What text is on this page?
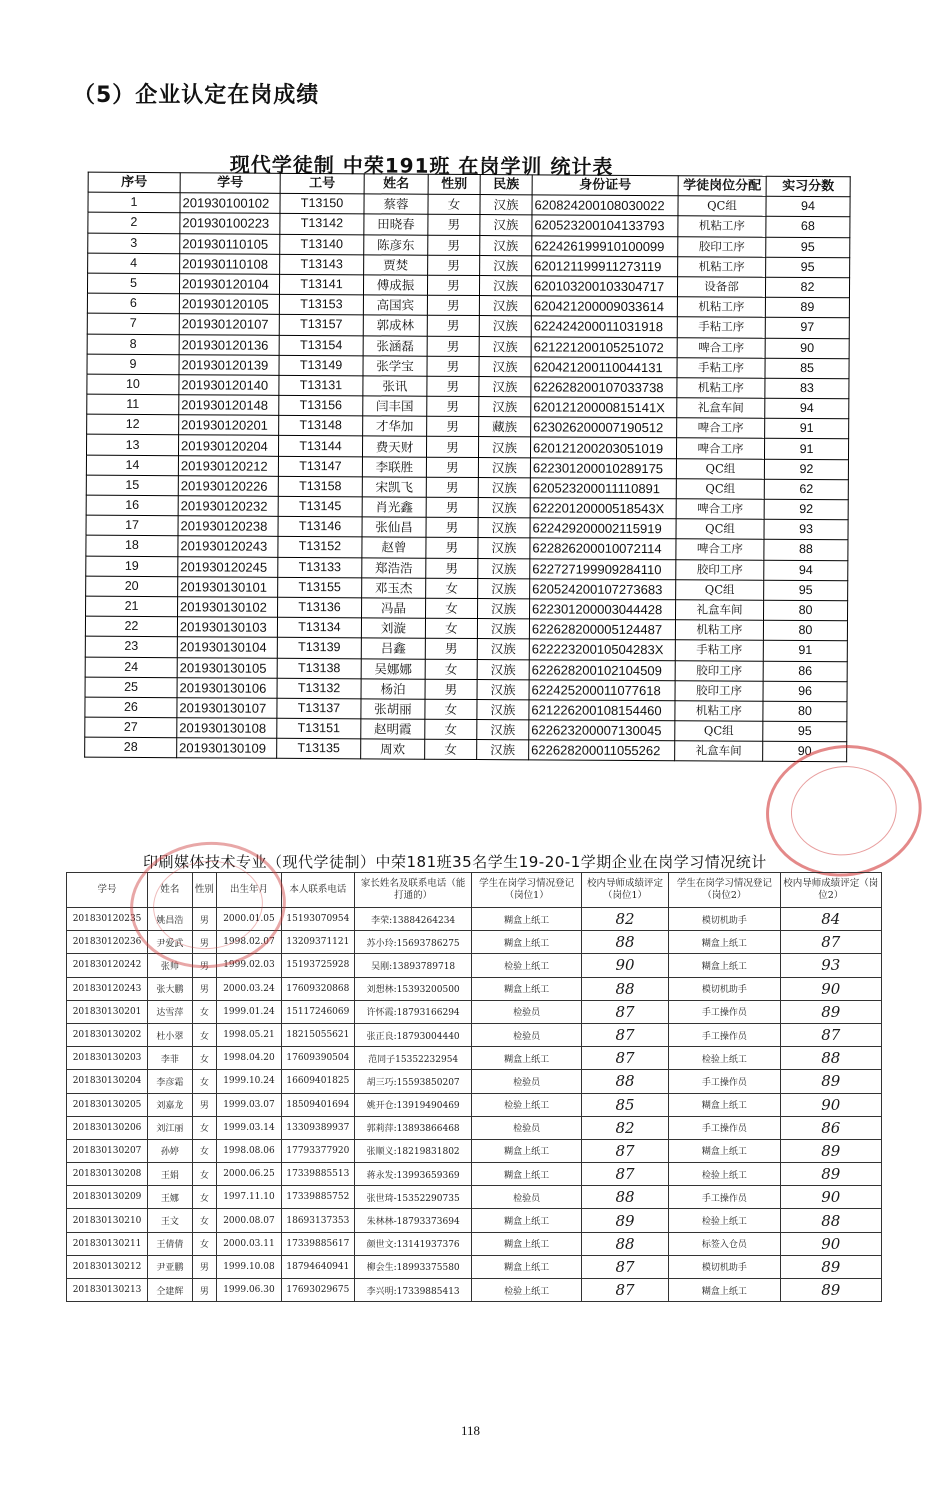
（5）企业认定在岗成绩
现代学徒制 中荣191班 在岗学训 统计表
序号	学号	工号	姓名	性别	民族	身份证号	学徒岗位分配	实习分数
1	201930100102	T13150	蔡蓉	女	汉族	620824200108030022	QC组	94
2	201930100223	T13142	田晓春	男	汉族	620523200104133793	机粘工序	68
3	201930110105	T13140	陈彦东	男	汉族	622426199910100099	胶印工序	95
4	201930110108	T13143	贾焚	男	汉族	620121199911273119	机粘工序	95
5	201930120104	T13141	傅成振	男	汉族	620103200103304717	设备部	82
6	201930120105	T13153	高国宾	男	汉族	620421200009033614	机粘工序	89
7	201930120107	T13157	郭成林	男	汉族	622424200011031918	手粘工序	97
8	201930120136	T13154	张涵磊	男	汉族	621221200105251072	啤合工序	90
9	201930120139	T13149	张学宝	男	汉族	620421200110044131	手粘工序	85
10	201930120140	T13131	张讯	男	汉族	622628200107033738	机粘工序	83
11	201930120148	T13156	闫丰国	男	汉族	62012120000815141X	礼盒车间	94
12	201930120201	T13148	才华加	男	藏族	623026200007190512	啤合工序	91
13	201930120204	T13144	费天财	男	汉族	620121200203051019	啤合工序	91
14	201930120212	T13147	李联胜	男	汉族	622301200010289175	QC组	92
15	201930120226	T13158	宋凯飞	男	汉族	620523200011110891	QC组	62
16	201930120232	T13145	肖光鑫	男	汉族	62220120000518543X	啤合工序	92
17	201930120238	T13146	张仙昌	男	汉族	622429200002115919	QC组	93
18	201930120243	T13152	赵曾	男	汉族	622826200010072114	啤合工序	88
19	201930120245	T13133	郑浩浩	男	汉族	622727199909284110	胶印工序	94
20	201930130101	T13155	邓玉杰	女	汉族	620524200107273683	QC组	95
21	201930130102	T13136	冯晶	女	汉族	622301200003044428	礼盒车间	80
22	201930130103	T13134	刘漩	女	汉族	622628200005124487	机粘工序	80
23	201930130104	T13139	吕鑫	男	汉族	62222320010504283X	手粘工序	91
24	201930130105	T13138	吴娜娜	女	汉族	622628200102104509	胶印工序	86
25	201930130106	T13132	杨泊	男	汉族	622425200011077618	胶印工序	96
26	201930130107	T13137	张胡丽	女	汉族	621226200108154460	机粘工序	80
27	201930130108	T13151	赵明霞	女	汉族	622623200007130045	QC组	95
28	201930130109	T13135	周欢	女	汉族	622628200011055262	礼盒车间	90
印刷媒体技术专业（现代学徒制）中荣181班35名学生19-20-1学期企业在岗学习情况统计
学号	姓名	性别	出生年月	本人联系电话	家长姓名及联系电话（能打通的）	学生在岗学习情况登记（岗位1）	校内导师成绩评定（岗位1）	学生在岗学习情况登记（岗位2）	校内导师成绩评定（岗位2）
201830120235	姚昌浩	男	2000.01.05	15193070954	李荣:13884264234	糊盒上纸工	82	模切机助手	84
201830120236	尹爱武	男	1998.02.07	13209371121	苏小玲:15693786275	糊盒上纸工	88	糊盒上纸工	87
201830120242	张帅	男	1999.02.03	15193725928	吴刚:13893789718	检验上纸工	90	糊盒上纸工	93
201830120243	张大鹏	男	2000.03.24	17609320868	刘想林:15393200500	糊盒上纸工	88	模切机助手	90
201830130201	达雪萍	女	1999.01.24	15117246069	许怀霞:18793166294	检验员	87	手工操作员	89
201830130202	杜小翠	女	1998.05.21	18215055621	张正良:18793004440	检验员	87	手工操作员	87
201830130203	李菲	女	1998.04.20	17609390504	范同子15352232954	糊盒上纸工	87	检验上纸工	88
201830130204	李彦霜	女	1999.10.24	16609401825	胡三巧:15593850207	检验员	88	手工操作员	89
201830130205	刘嘉龙	男	1999.03.07	18509401694	姚开仓:13919490469	检验上纸工	85	糊盒上纸工	90
201830130206	刘江丽	女	1999.03.14	13309389937	郭莉萍:13893866468	检验员	82	手工操作员	86
201830130207	孙婷	女	1998.08.06	17793377920	张顺义:18219831802	糊盒上纸工	87	糊盒上纸工	89
201830130208	王娟	女	2000.06.25	17339885513	蒋永发:13993659369	糊盒上纸工	87	检验上纸工	89
201830130209	王娜	女	1997.11.10	17339885752	张世琦-15352290735	检验员	88	手工操作员	90
201830130210	王文	女	2000.08.07	18693137353	朱林林-18793373694	糊盒上纸工	89	检验上纸工	88
201830130211	王倩倩	女	2000.03.11	17339885617	颜世文:13141937376	糊盒上纸工	88	标签入仓员	90
201830130212	尹亚鹏	男	1999.10.08	18794640941	柳会生:18993375580	糊盒上纸工	87	模切机助手	89
201830130213	仝建辉	男	1999.06.30	17693029675	李兴明:17339885413	检验上纸工	87	糊盒上纸工	89
118
